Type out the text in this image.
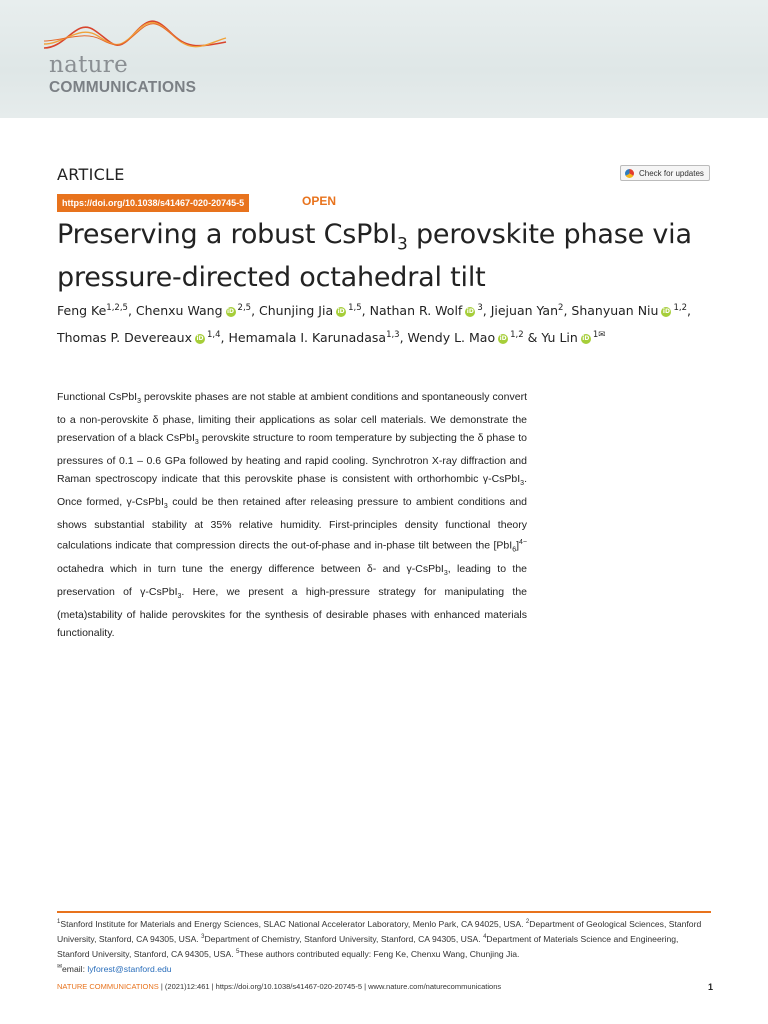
nature
COMMUNICATIONS
ARTICLE	Check for updates
https://doi.org/10.1038/s41467-020-20745-5	OPEN
Preserving a robust CsPbI$_3$ perovskite phase via pressure-directed octahedral tilt
Feng Ke$^{1,2,5}$, Chenxu Wang iD $^{2,5}$, Chunjing Jia iD $^{1,5}$, Nathan R. Wolf iD $^3$, Jiejuan Yan$^2$, Shanyuan Niu iD $^{1,2}$,
Thomas P. Devereaux iD $^{1,4}$, Hemamala I. Karunadasa$^{1,3}$, Wendy L. Mao iD $^{1,2}$ & Yu Lin iD $^{1✉}$
Functional CsPbI$_3$ perovskite phases are not stable at ambient conditions and spontaneously convert to a non-perovskite δ phase, limiting their applications as solar cell materials. We demonstrate the preservation of a black CsPbI$_3$ perovskite structure to room temperature by subjecting the δ phase to pressures of 0.1 – 0.6 GPa followed by heating and rapid cooling. Synchrotron X-ray diffraction and Raman spectroscopy indicate that this perovskite phase is consistent with orthorhombic γ-CsPbI$_3$. Once formed, γ-CsPbI$_3$ could be then retained after releasing pressure to ambient conditions and shows substantial stability at 35% relative humidity. First-principles density functional theory calculations indicate that compression directs the out-of-phase and in-phase tilt between the $[PbI_6]^{4-}$ octahedra which in turn tune the energy difference between δ- and γ-CsPbI$_3$, leading to the preservation of γ-CsPbI$_3$. Here, we present a high-pressure strategy for manipulating the (meta)stability of halide perovskites for the synthesis of desirable phases with enhanced materials functionality.
$^1$Stanford Institute for Materials and Energy Sciences, SLAC National Accelerator Laboratory, Menlo Park, CA 94025, USA. $^2$Department of Geological Sciences, Stanford University, Stanford, CA 94305, USA. $^3$Department of Chemistry, Stanford University, Stanford, CA 94305, USA. $^4$Department of Materials Science and Engineering, Stanford University, Stanford, CA 94305, USA. $^5$These authors contributed equally: Feng Ke, Chenxu Wang, Chunjing Jia.
✉email: lyforest@stanford.edu
NATURE COMMUNICATIONS | (2021)12:461 | https://doi.org/10.1038/s41467-020-20745-5 | www.nature.com/naturecommunications	1
